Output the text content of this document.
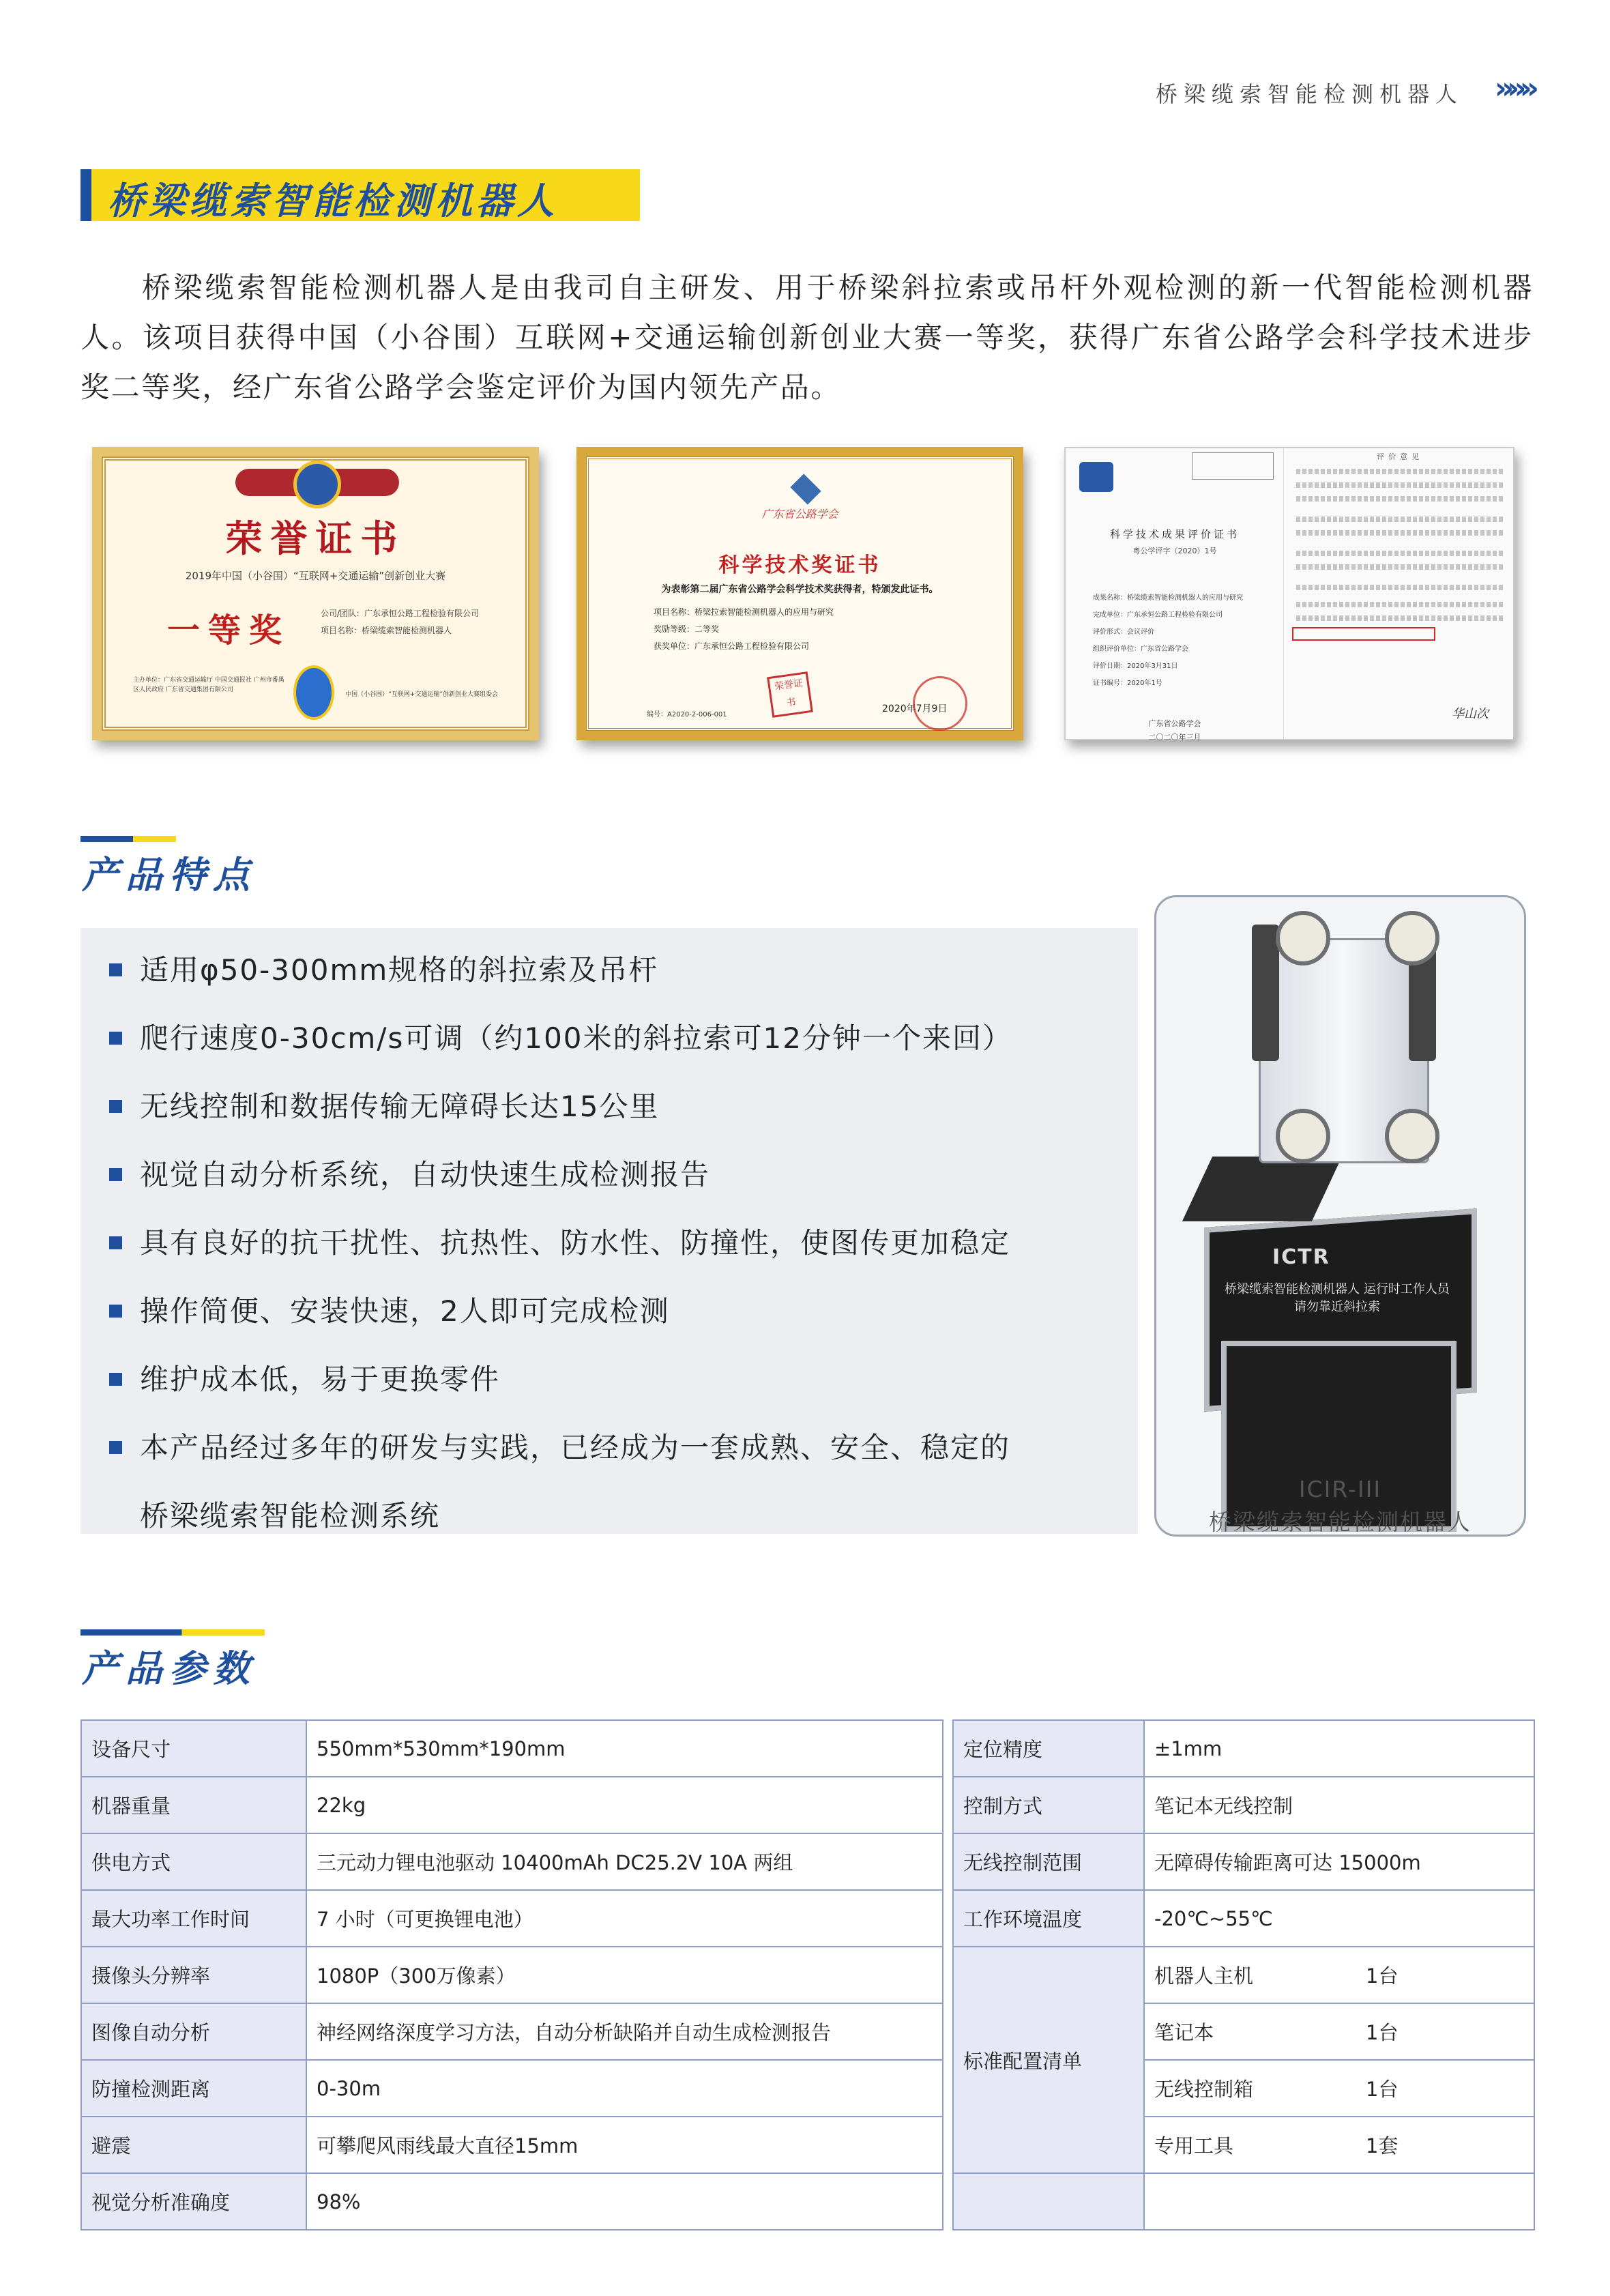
桥梁缆索智能检测机器人 » » »
桥梁缆索智能检测机器人

桥梁缆索智能检测机器人是由我司自主研发、用于桥梁斜拉索或吊杆外观检测的新一代智能检测机器人。该项目获得中国（小谷围）互联网+交通运输创新创业大赛一等奖，获得广东省公路学会科学技术进步奖二等奖，经广东省公路学会鉴定评价为国内领先产品。

荣誉证书
2019年中国（小谷围）“互联网+交通运输”创新创业大赛
一等奖	公司/团队：广东承恒公路工程检验有限公司
项目名称：桥梁缆索智能检测机器人
主办单位：广东省交通运输厅 中国交通报社 广州市番禺区人民政府 广东省交通集团有限公司
中国（小谷围）“互联网+交通运输”创新创业大赛组委会
广东省公路学会
科学技术奖证书
为表彰第二届广东省公路学会科学技术奖获得者，特颁发此证书。
项目名称：桥梁拉索智能检测机器人的应用与研究
奖励等级：二等奖
获奖单位：广东承恒公路工程检验有限公司
荣誉证书
编号：A2020-2-006-001
2020年7月9日
科学技术成果评价证书
粤公学评字（2020）1号
成果名称：桥梁缆索智能检测机器人的应用与研究
完成单位：广东承恒公路工程检验有限公司
评价形式：会议评价
组织评价单位：广东省公路学会
评价日期：2020年3月31日
证书编号：2020年1号
广东省公路学会
二〇二〇年三月
评价意见
华山次
产品特点
适用φ50-300mm规格的斜拉索及吊杆
爬行速度0-30cm/s可调（约100米的斜拉索可12分钟一个来回）
无线控制和数据传输无障碍长达15公里
视觉自动分析系统，自动快速生成检测报告
具有良好的抗干扰性、抗热性、防水性、防撞性，使图传更加稳定
操作简便、安装快速，2人即可完成检测
维护成本低，易于更换零件
本产品经过多年的研发与实践，已经成为一套成熟、安全、稳定的
桥梁缆索智能检测系统
ICTR
桥梁缆索智能检测机器人 运行时工作人员请勿靠近斜拉索
ICIR-III
桥梁缆索智能检测机器人
产品参数
设备尺寸	550mm*530mm*190mm
机器重量	22kg
供电方式	三元动力锂电池驱动 10400mAh DC25.2V 10A 两组
最大功率工作时间	7 小时（可更换锂电池）
摄像头分辨率	1080P（300万像素）
图像自动分析	神经网络深度学习方法，自动分析缺陷并自动生成检测报告
防撞检测距离	0-30m
避震	可攀爬风雨线最大直径15mm
视觉分析准确度	98%
定位精度	±1mm
控制方式	笔记本无线控制
无线控制范围	无障碍传输距离可达 15000m
工作环境温度	-20℃~55℃
标准配置清单	机器人主机 1台

	笔记本 1台

	无线控制箱 1台

	专用工具 1套
